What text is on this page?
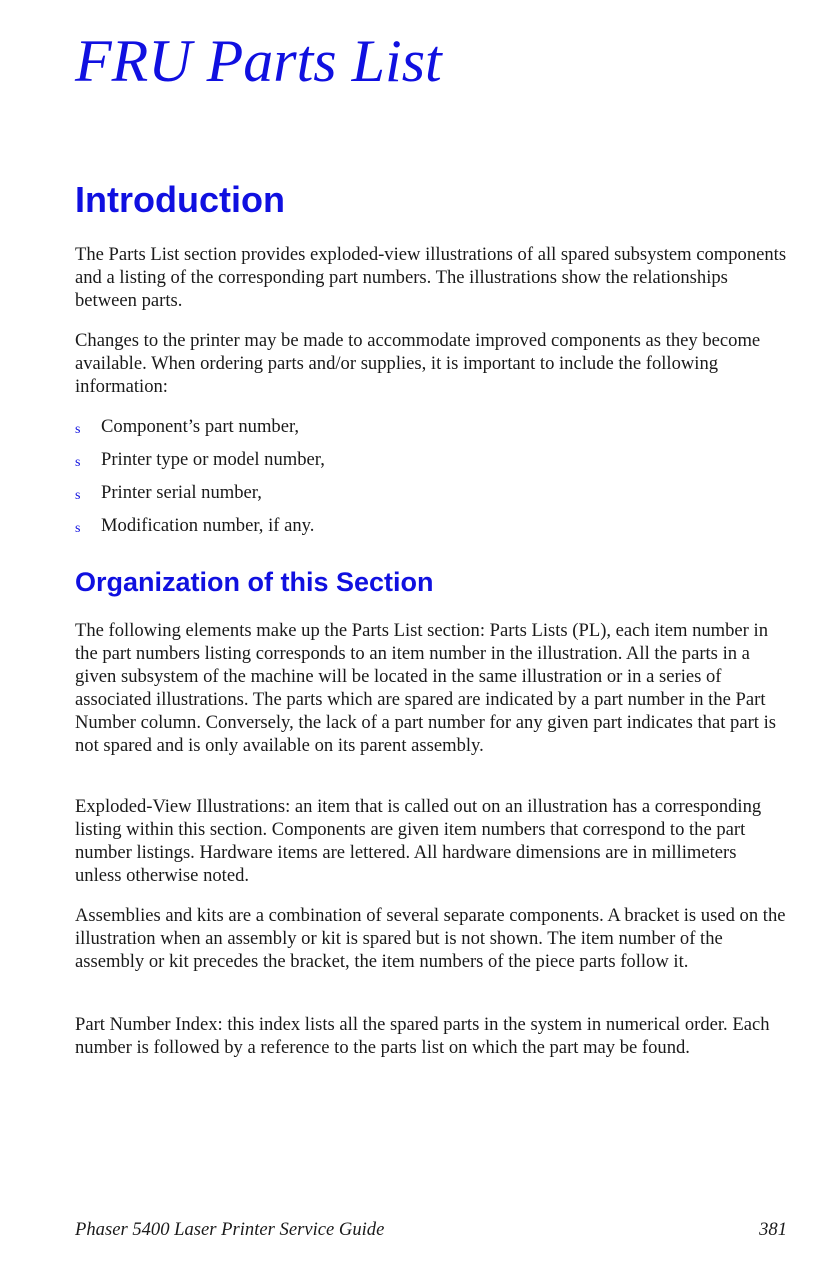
FRU Parts List
Introduction

The Parts List section provides exploded-view illustrations of all spared subsystem components and a listing of the corresponding part numbers. The illustrations show the relationships between parts.

Changes to the printer may be made to accommodate improved components as they become available. When ordering parts and/or supplies, it is important to include the following information:

s Component’s part number,
s Printer type or model number,
s Printer serial number,
s Modification number, if any.
Organization of this Section

The following elements make up the Parts List section: Parts Lists (PL), each item number in the part numbers listing corresponds to an item number in the illustration. All the parts in a given subsystem of the machine will be located in the same illustration or in a series of associated illustrations. The parts which are spared are indicated by a part number in the Part Number column. Conversely, the lack of a part number for any given part indicates that part is not spared and is only available on its parent assembly.

Exploded-View Illustrations: an item that is called out on an illustration has a corresponding listing within this section. Components are given item numbers that correspond to the part number listings. Hardware items are lettered. All hardware dimensions are in millimeters unless otherwise noted.

Assemblies and kits are a combination of several separate components. A bracket is used on the illustration when an assembly or kit is spared but is not shown. The item number of the assembly or kit precedes the bracket, the item numbers of the piece parts follow it.

Part Number Index: this index lists all the spared parts in the system in numerical order. Each number is followed by a reference to the parts list on which the part may be found.

Phaser 5400 Laser Printer Service Guide	381
